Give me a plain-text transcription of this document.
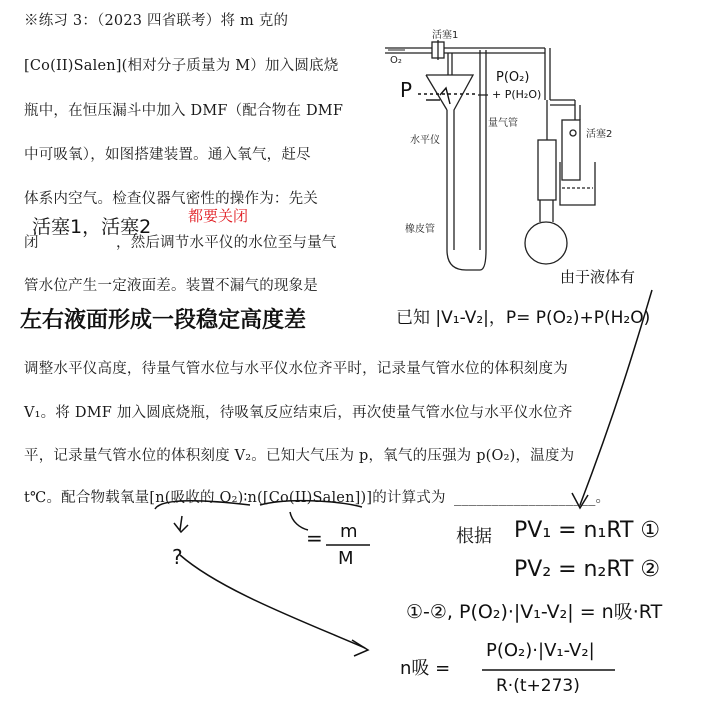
※练习 3：（2023 四省联考）将 m 克的
[Co(II)Salen](相对分子质量为 M）加入圆底烧
瓶中，在恒压漏斗中加入 DMF（配合物在 DMF
中可吸氧），如图搭建装置。通入氧气，赶尽
体系内空气。检查仪器气密性的操作为：先关
闭	，然后调节水平仪的水位至与量气
管水位产生一定液面差。装置不漏气的现象是
调整水平仪高度，待量气管水位与水平仪水位齐平时，记录量气管水位的体积刻度为
V₁。将 DMF 加入圆底烧瓶，待吸氧反应结束后，再次使量气管水位与水平仪水位齐
平，记录量气管水位的体积刻度 V₂。已知大气压为 p，氧气的压强为 p(O₂)，温度为
t℃。配合物载氧量[n(吸收的 O₂)∶n([Co(II)Salen])]的计算式为 ___________________。
O₂
活塞1
活塞2
水平仪
量气管
橡皮管
P
P(O₂)
+ P(H₂O)
活塞1，活塞2 都要关闭
左右液面形成一段稳定高度差	已知 |V₁-V₂|，P= P(O₂)+P(H₂O)
由于液体有
?
= m
M
根据 PV₁ = n₁RT ①
PV₂ = n₂RT ②
①-②, P(O₂)·|V₁-V₂| = n吸·RT
n吸 =
P(O₂)·|V₁-V₂|
R·(t+273)
